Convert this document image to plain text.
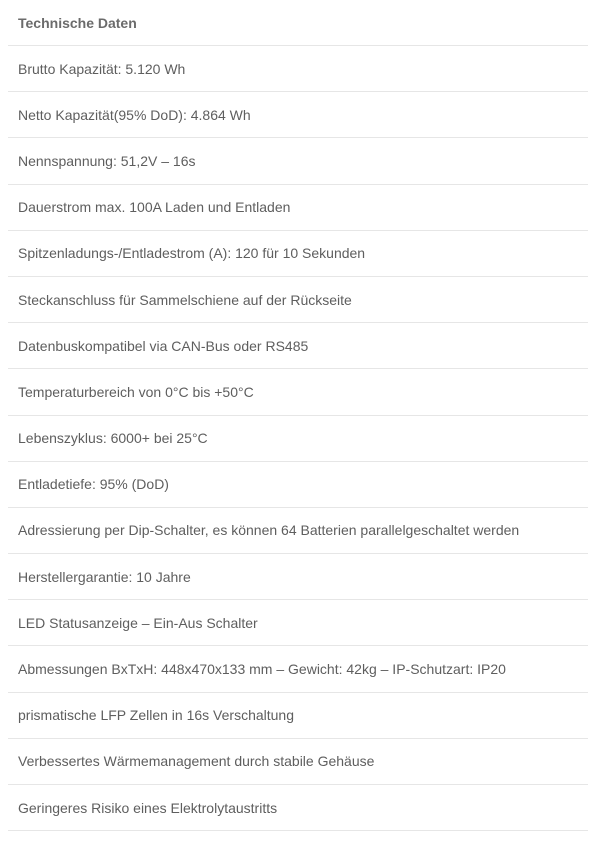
Technische Daten
Brutto Kapazität: 5.120 Wh
Netto Kapazität(95% DoD): 4.864 Wh
Nennspannung: 51,2V – 16s
Dauerstrom max. 100A Laden und Entladen
Spitzenladungs-/Entladestrom (A): 120 für 10 Sekunden
Steckanschluss für Sammelschiene auf der Rückseite
Datenbuskompatibel via CAN-Bus oder RS485
Temperaturbereich von 0°C bis +50°C
Lebenszyklus: 6000+ bei 25°C
Entladetiefe: 95% (DoD)
Adressierung per Dip-Schalter, es können 64 Batterien parallelgeschaltet werden
Herstellergarantie: 10 Jahre
LED Statusanzeige – Ein-Aus Schalter
Abmessungen BxTxH: 448x470x133 mm – Gewicht: 42kg – IP-Schutzart: IP20
prismatische LFP Zellen in 16s Verschaltung
Verbessertes Wärmemanagement durch stabile Gehäuse
Geringeres Risiko eines Elektrolytaustritts
